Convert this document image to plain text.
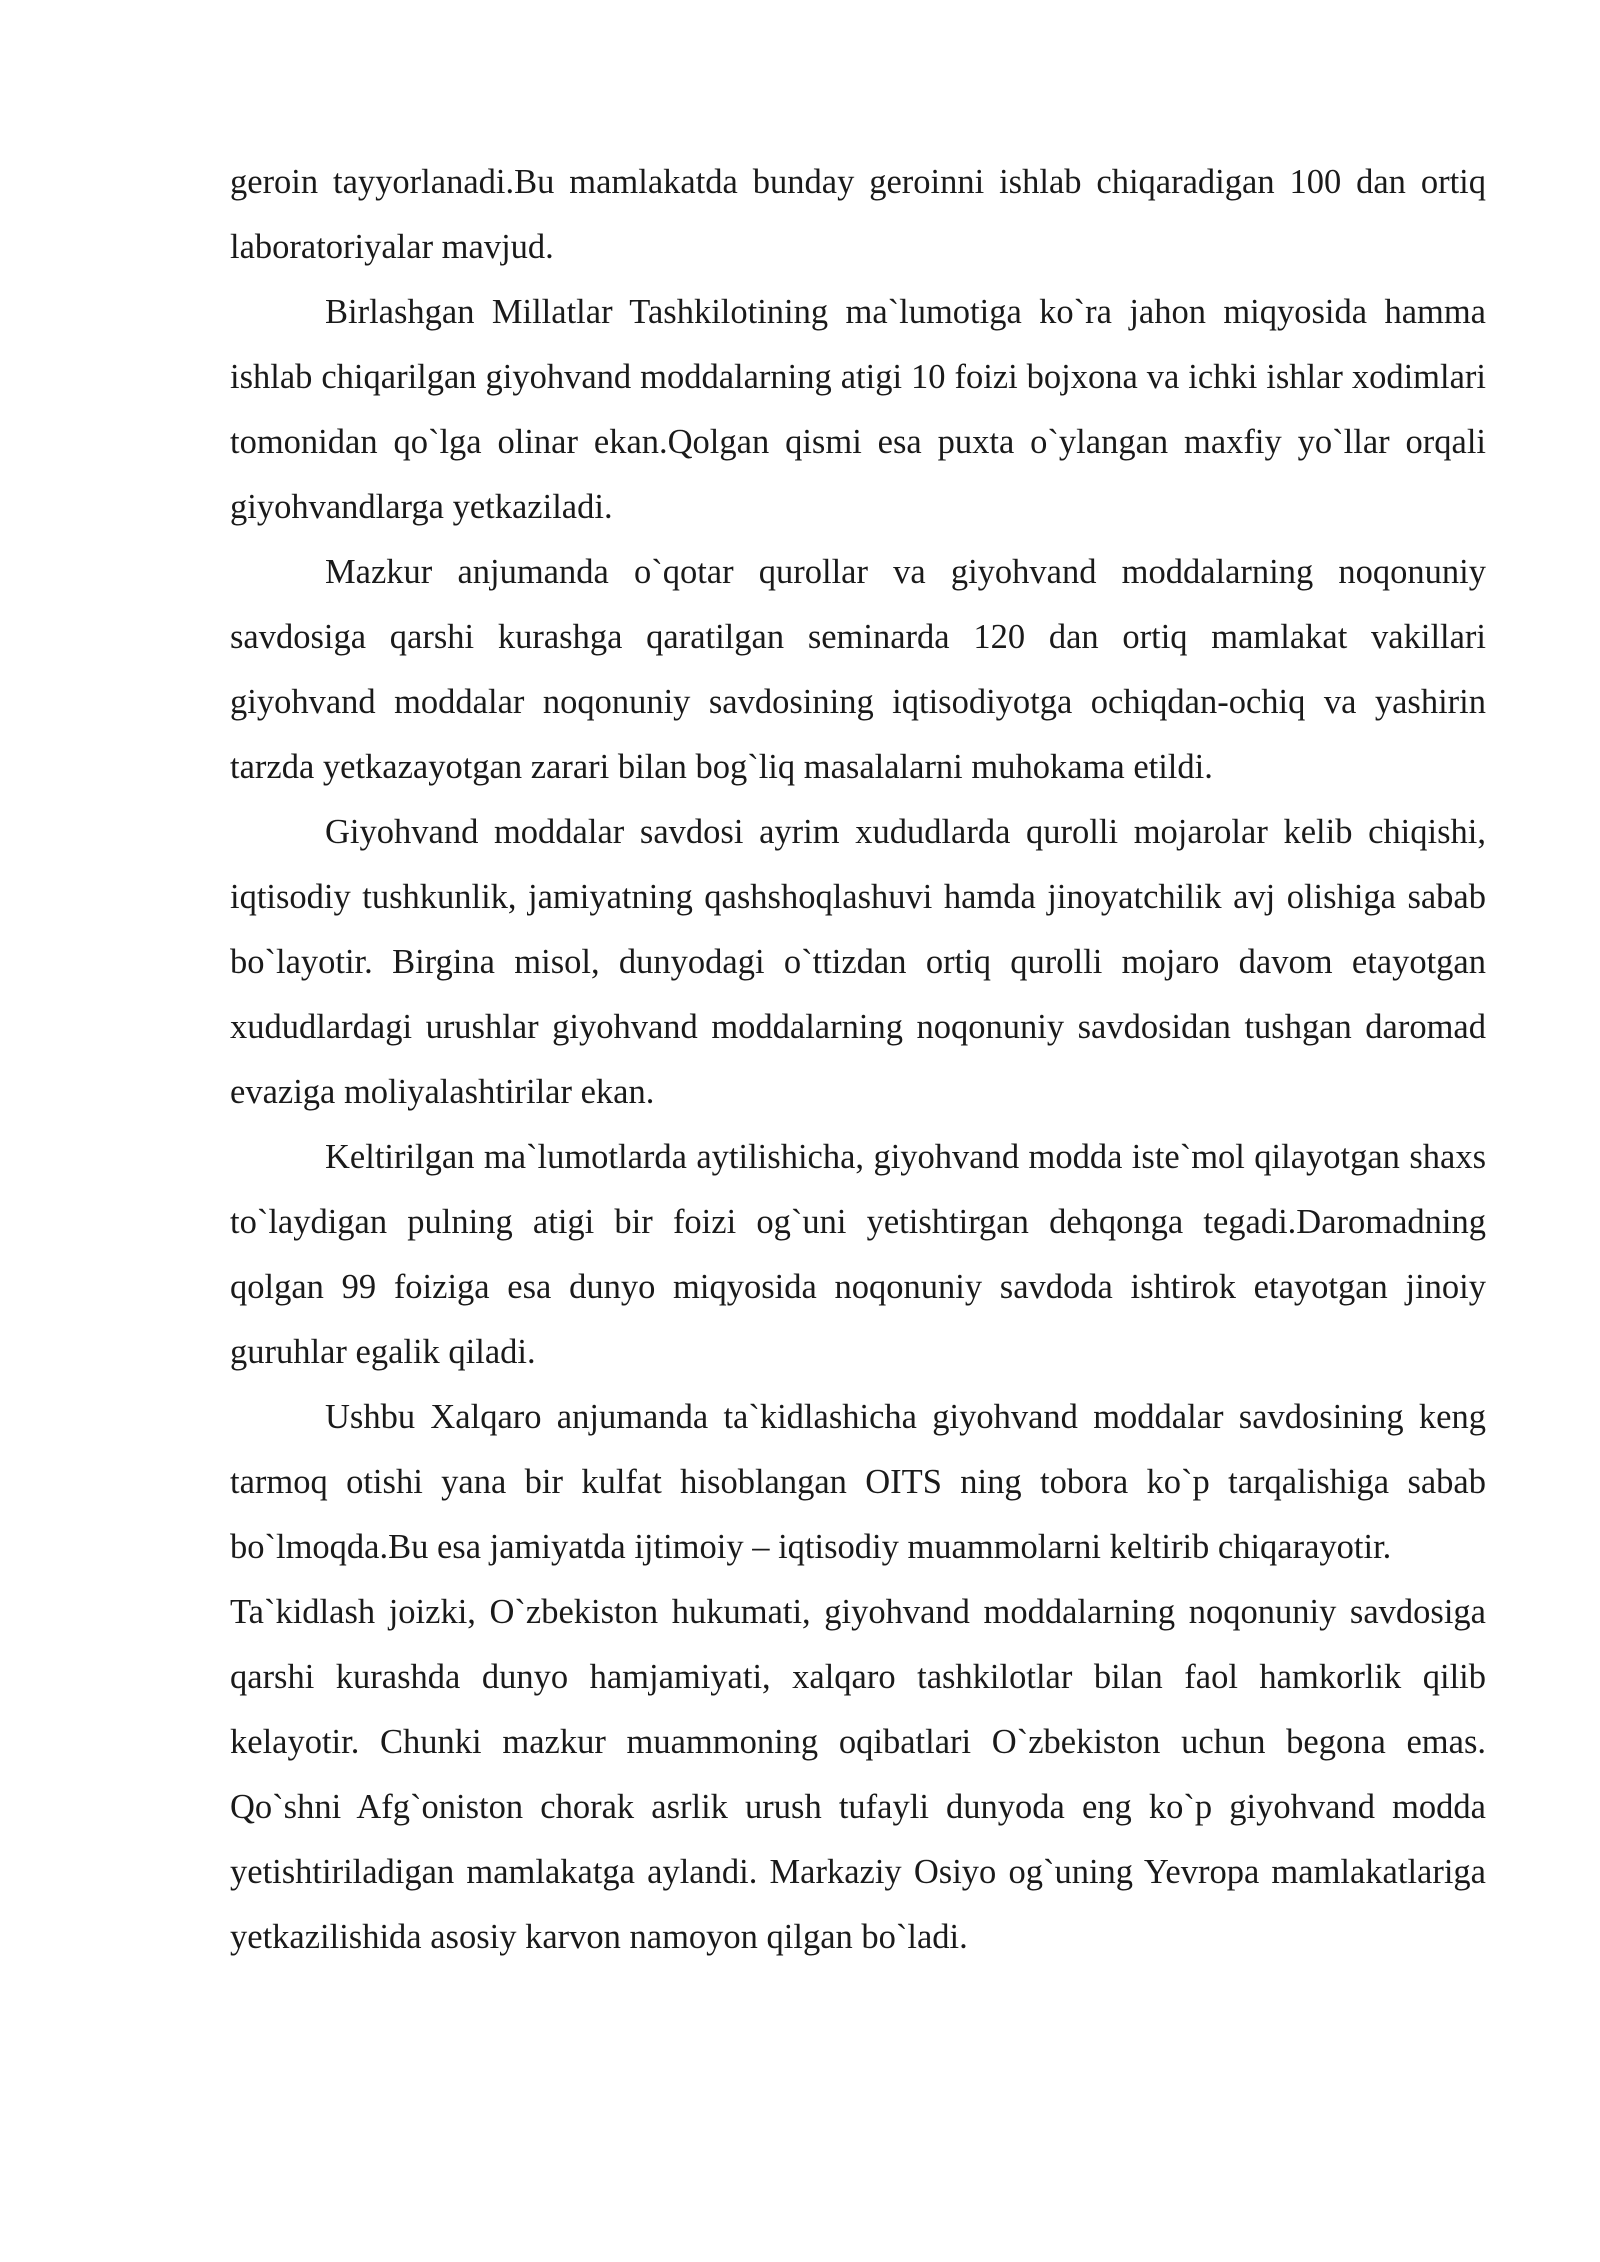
geroin tayyorlanadi.Bu mamlakatda bunday geroinni ishlab chiqaradigan 100 dan ortiq laboratoriyalar mavjud.

Birlashgan Millatlar Tashkilotining ma`lumotiga ko`ra jahon miqyosida hamma ishlab chiqarilgan giyohvand moddalarning atigi 10 foizi bojxona va ichki ishlar xodimlari tomonidan qo`lga olinar ekan.Qolgan qismi esa puxta o`ylangan maxfiy yo`llar orqali giyohvandlarga yetkaziladi.

Mazkur anjumanda o`qotar qurollar va giyohvand moddalarning noqonuniy savdosiga qarshi kurashga qaratilgan seminarda 120 dan ortiq mamlakat vakillari giyohvand moddalar noqonuniy savdosining iqtisodiyotga ochiqdan-ochiq va yashirin tarzda yetkazayotgan zarari bilan bog`liq masalalarni muhokama etildi.

Giyohvand moddalar savdosi ayrim xududlarda qurolli mojarolar kelib chiqishi, iqtisodiy tushkunlik, jamiyatning qashshoqlashuvi hamda jinoyatchilik avj olishiga sabab bo`layotir. Birgina misol, dunyodagi o`ttizdan ortiq qurolli mojaro davom etayotgan xududlardagi urushlar giyohvand moddalarning noqonuniy savdosidan tushgan daromad evaziga moliyalashtirilar ekan.

Keltirilgan ma`lumotlarda aytilishicha, giyohvand modda iste`mol qilayotgan shaxs to`laydigan pulning atigi bir foizi og`uni yetishtirgan dehqonga tegadi.Daromadning qolgan 99 foiziga esa dunyo miqyosida noqonuniy savdoda ishtirok etayotgan jinoiy guruhlar egalik qiladi.

Ushbu Xalqaro anjumanda ta`kidlashicha giyohvand moddalar savdosining keng tarmoq otishi yana bir kulfat hisoblangan OITS ning tobora ko`p tarqalishiga sabab bo`lmoqda.Bu esa jamiyatda ijtimoiy – iqtisodiy muammolarni keltirib chiqarayotir.

Ta`kidlash joizki, O`zbekiston hukumati, giyohvand moddalarning noqonuniy savdosiga qarshi kurashda dunyo hamjamiyati, xalqaro tashkilotlar bilan faol hamkorlik qilib kelayotir. Chunki mazkur muammoning oqibatlari O`zbekiston uchun begona emas. Qo`shni Afg`oniston chorak asrlik urush tufayli dunyoda eng ko`p giyohvand modda yetishtiriladigan mamlakatga aylandi. Markaziy Osiyo og`uning Yevropa mamlakatlariga yetkazilishida asosiy karvon namoyon qilgan bo`ladi.
